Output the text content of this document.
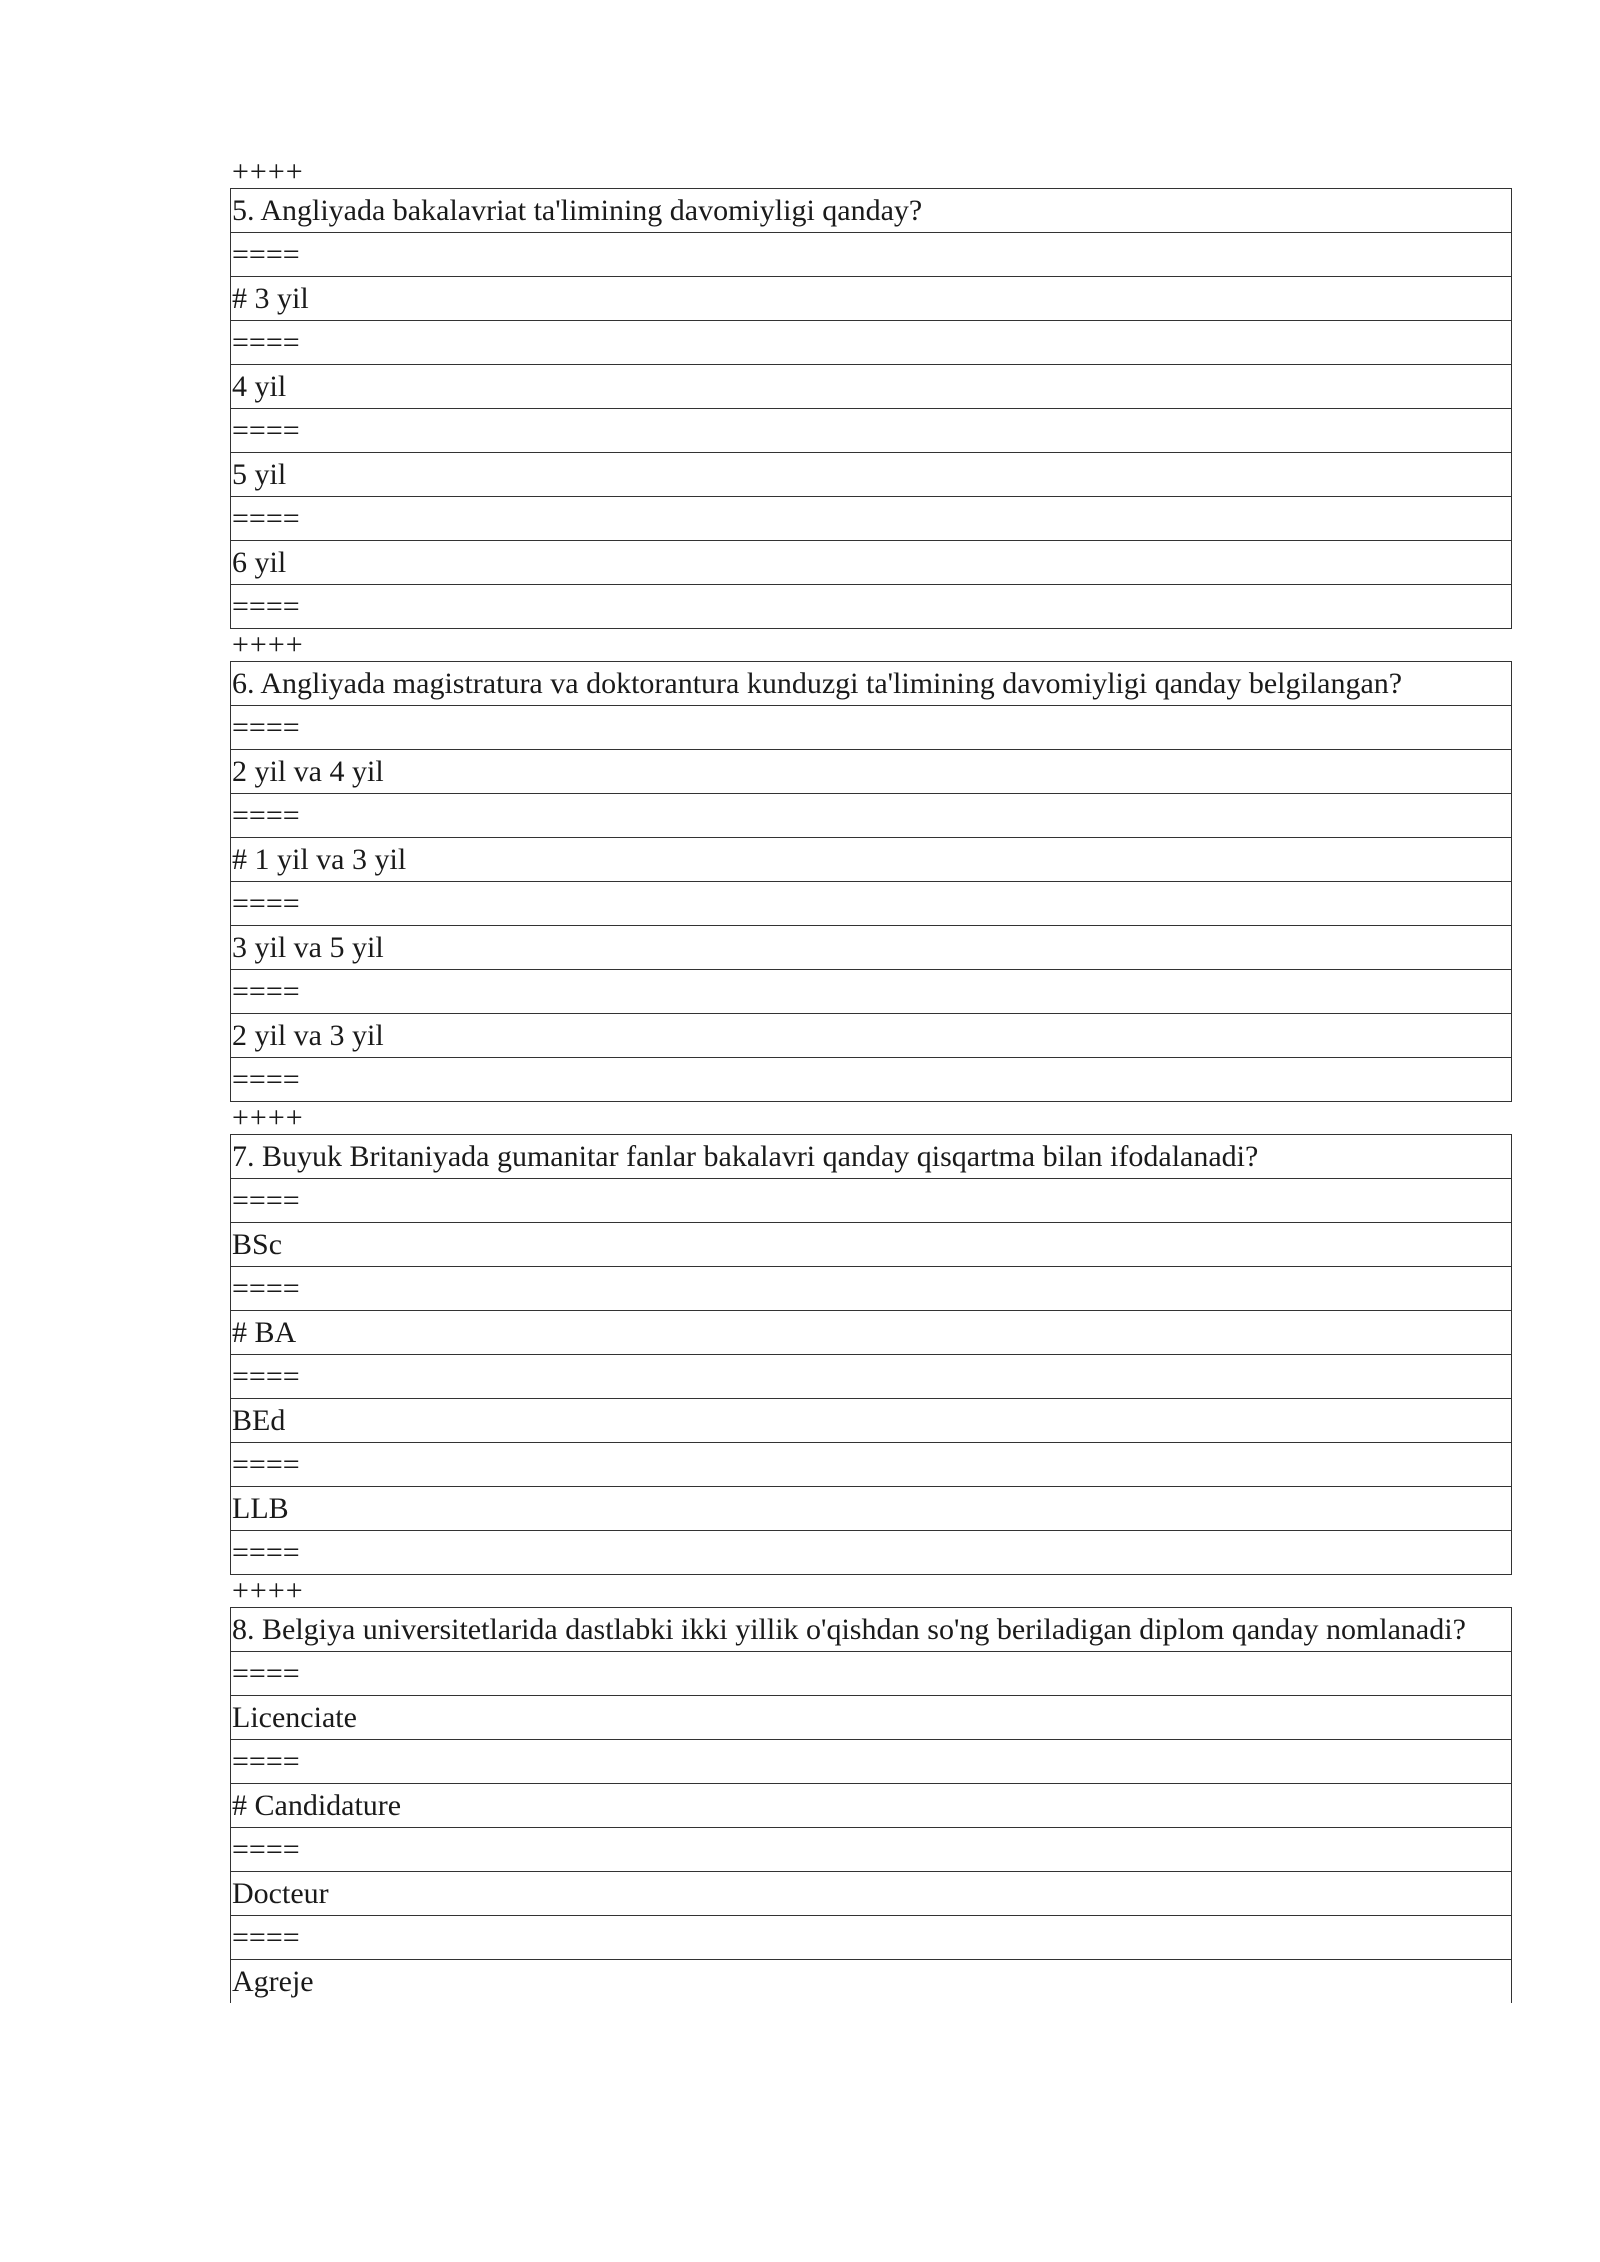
++++
5. Angliyada bakalavriat ta'limining davomiyligi qanday?
====
# 3 yil
====
4 yil
====
5 yil
====
6 yil
====
++++
6. Angliyada magistratura va doktorantura kunduzgi ta'limining davomiyligi qanday belgilangan?
====
2 yil va 4 yil
====
# 1 yil va 3 yil
====
3 yil va 5 yil
====
2 yil va 3 yil
====
++++
7. Buyuk Britaniyada gumanitar fanlar bakalavri qanday qisqartma bilan ifodalanadi?
====
BSc
====
# BA
====
BEd
====
LLB
====
++++
8. Belgiya universitetlarida dastlabki ikki yillik o'qishdan so'ng beriladigan diplom qanday nomlanadi?
====
Licenciate
====
# Candidature
====
Docteur
====
Agreje
